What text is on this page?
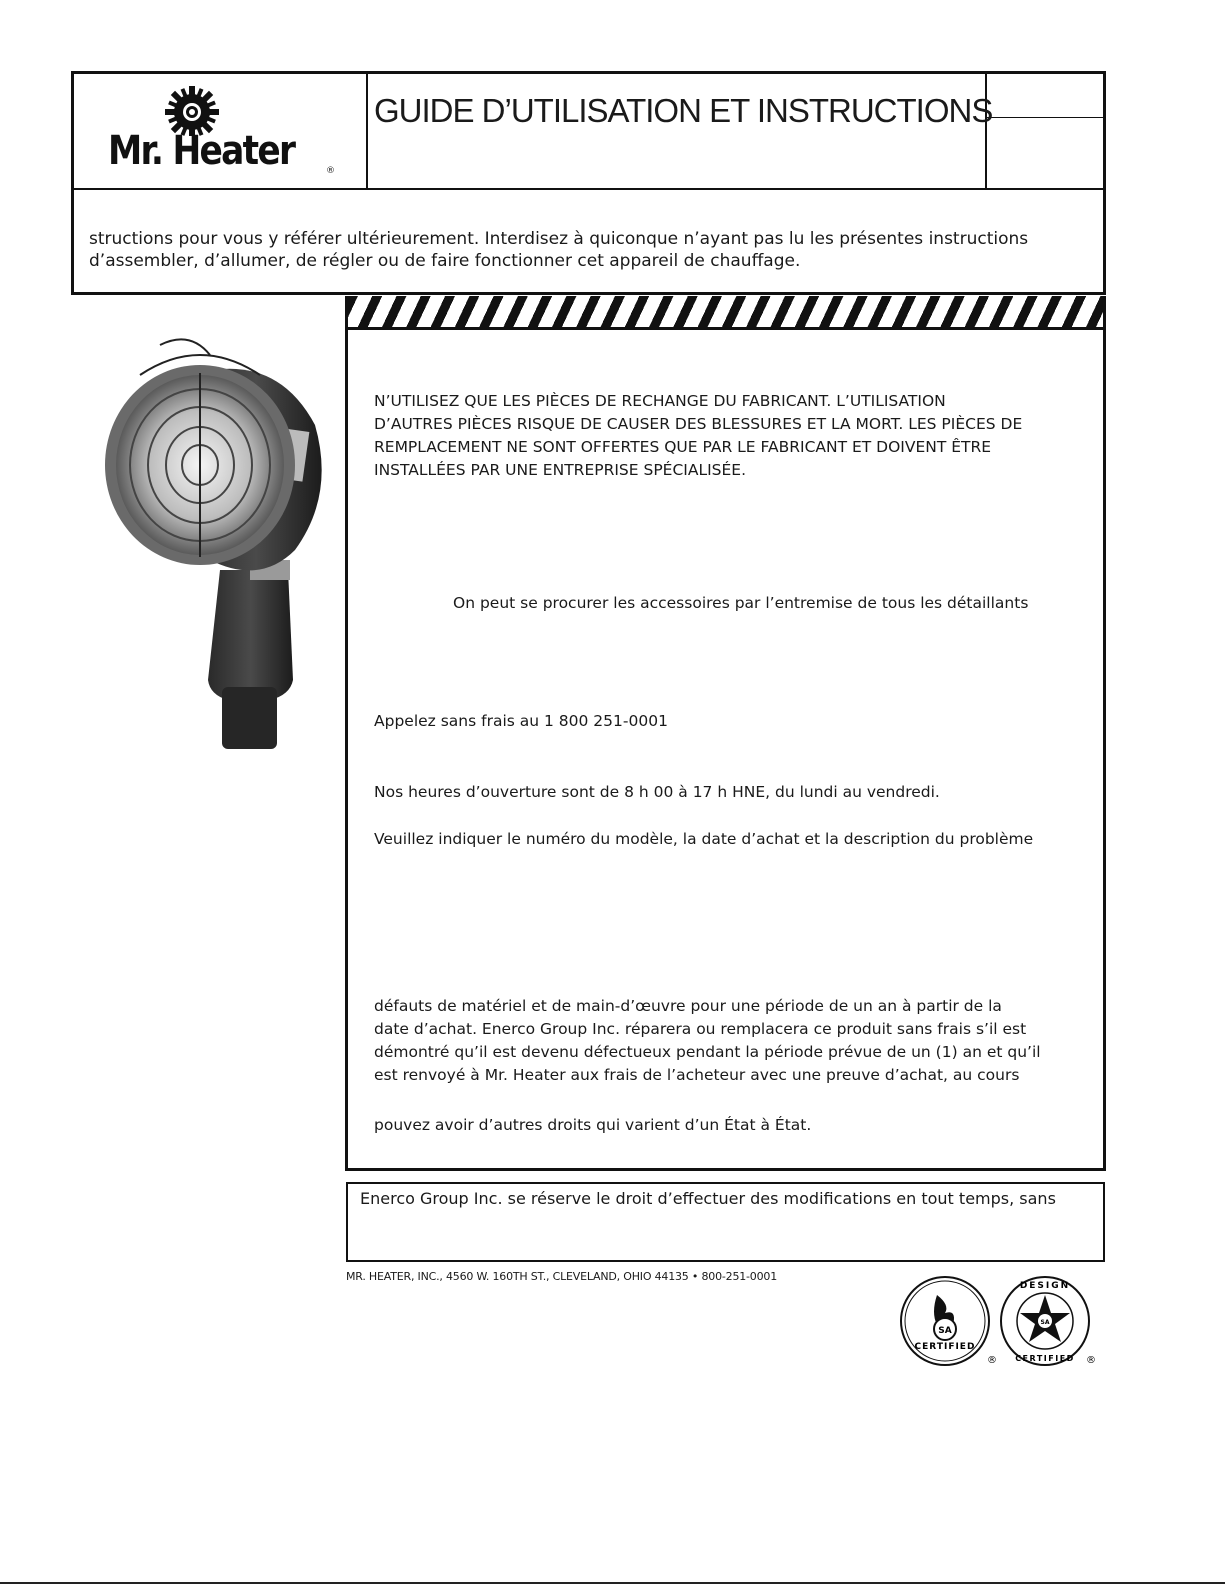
Mr. Heater	®
GUIDE D’UTILISATION ET INSTRUCTIONS
structions pour vous y référer ultérieurement. Interdisez à quiconque n’ayant pas lu les présentes instructions
d’assembler, d’allumer, de régler ou de faire fonctionner cet appareil de chauffage.
N’UTILISEZ QUE LES PIÈCES DE RECHANGE DU FABRICANT. L’UTILISATION
D’AUTRES PIÈCES RISQUE DE CAUSER DES BLESSURES ET LA MORT. LES PIÈCES DE
REMPLACEMENT NE SONT OFFERTES QUE PAR LE FABRICANT ET DOIVENT ÊTRE
INSTALLÉES PAR UNE ENTREPRISE SPÉCIALISÉE.
On peut se procurer les accessoires par l’entremise de tous les détaillants
Appelez sans frais au 1 800 251-0001
Nos heures d’ouverture sont de 8 h 00 à 17 h HNE, du lundi au vendredi.
Veuillez indiquer le numéro du modèle, la date d’achat et la description du problème
défauts de matériel et de main-d’œuvre pour une période de un an à partir de la
date d’achat. Enerco Group Inc. réparera ou remplacera ce produit sans frais s’il est
démontré qu’il est devenu défectueux pendant la période prévue de un (1) an et qu’il
est renvoyé à Mr. Heater aux frais de l’acheteur avec une preuve d’achat, au cours
pouvez avoir d’autres droits qui varient d’un État à État.
Enerco Group Inc. se réserve le droit d’effectuer des modifications en tout temps, sans
MR. HEATER, INC., 4560 W. 160TH ST., CLEVELAND, OHIO 44135 • 800-251-0001
SA
CERTIFIED
®
SA
DESIGN
CERTIFIED ®
